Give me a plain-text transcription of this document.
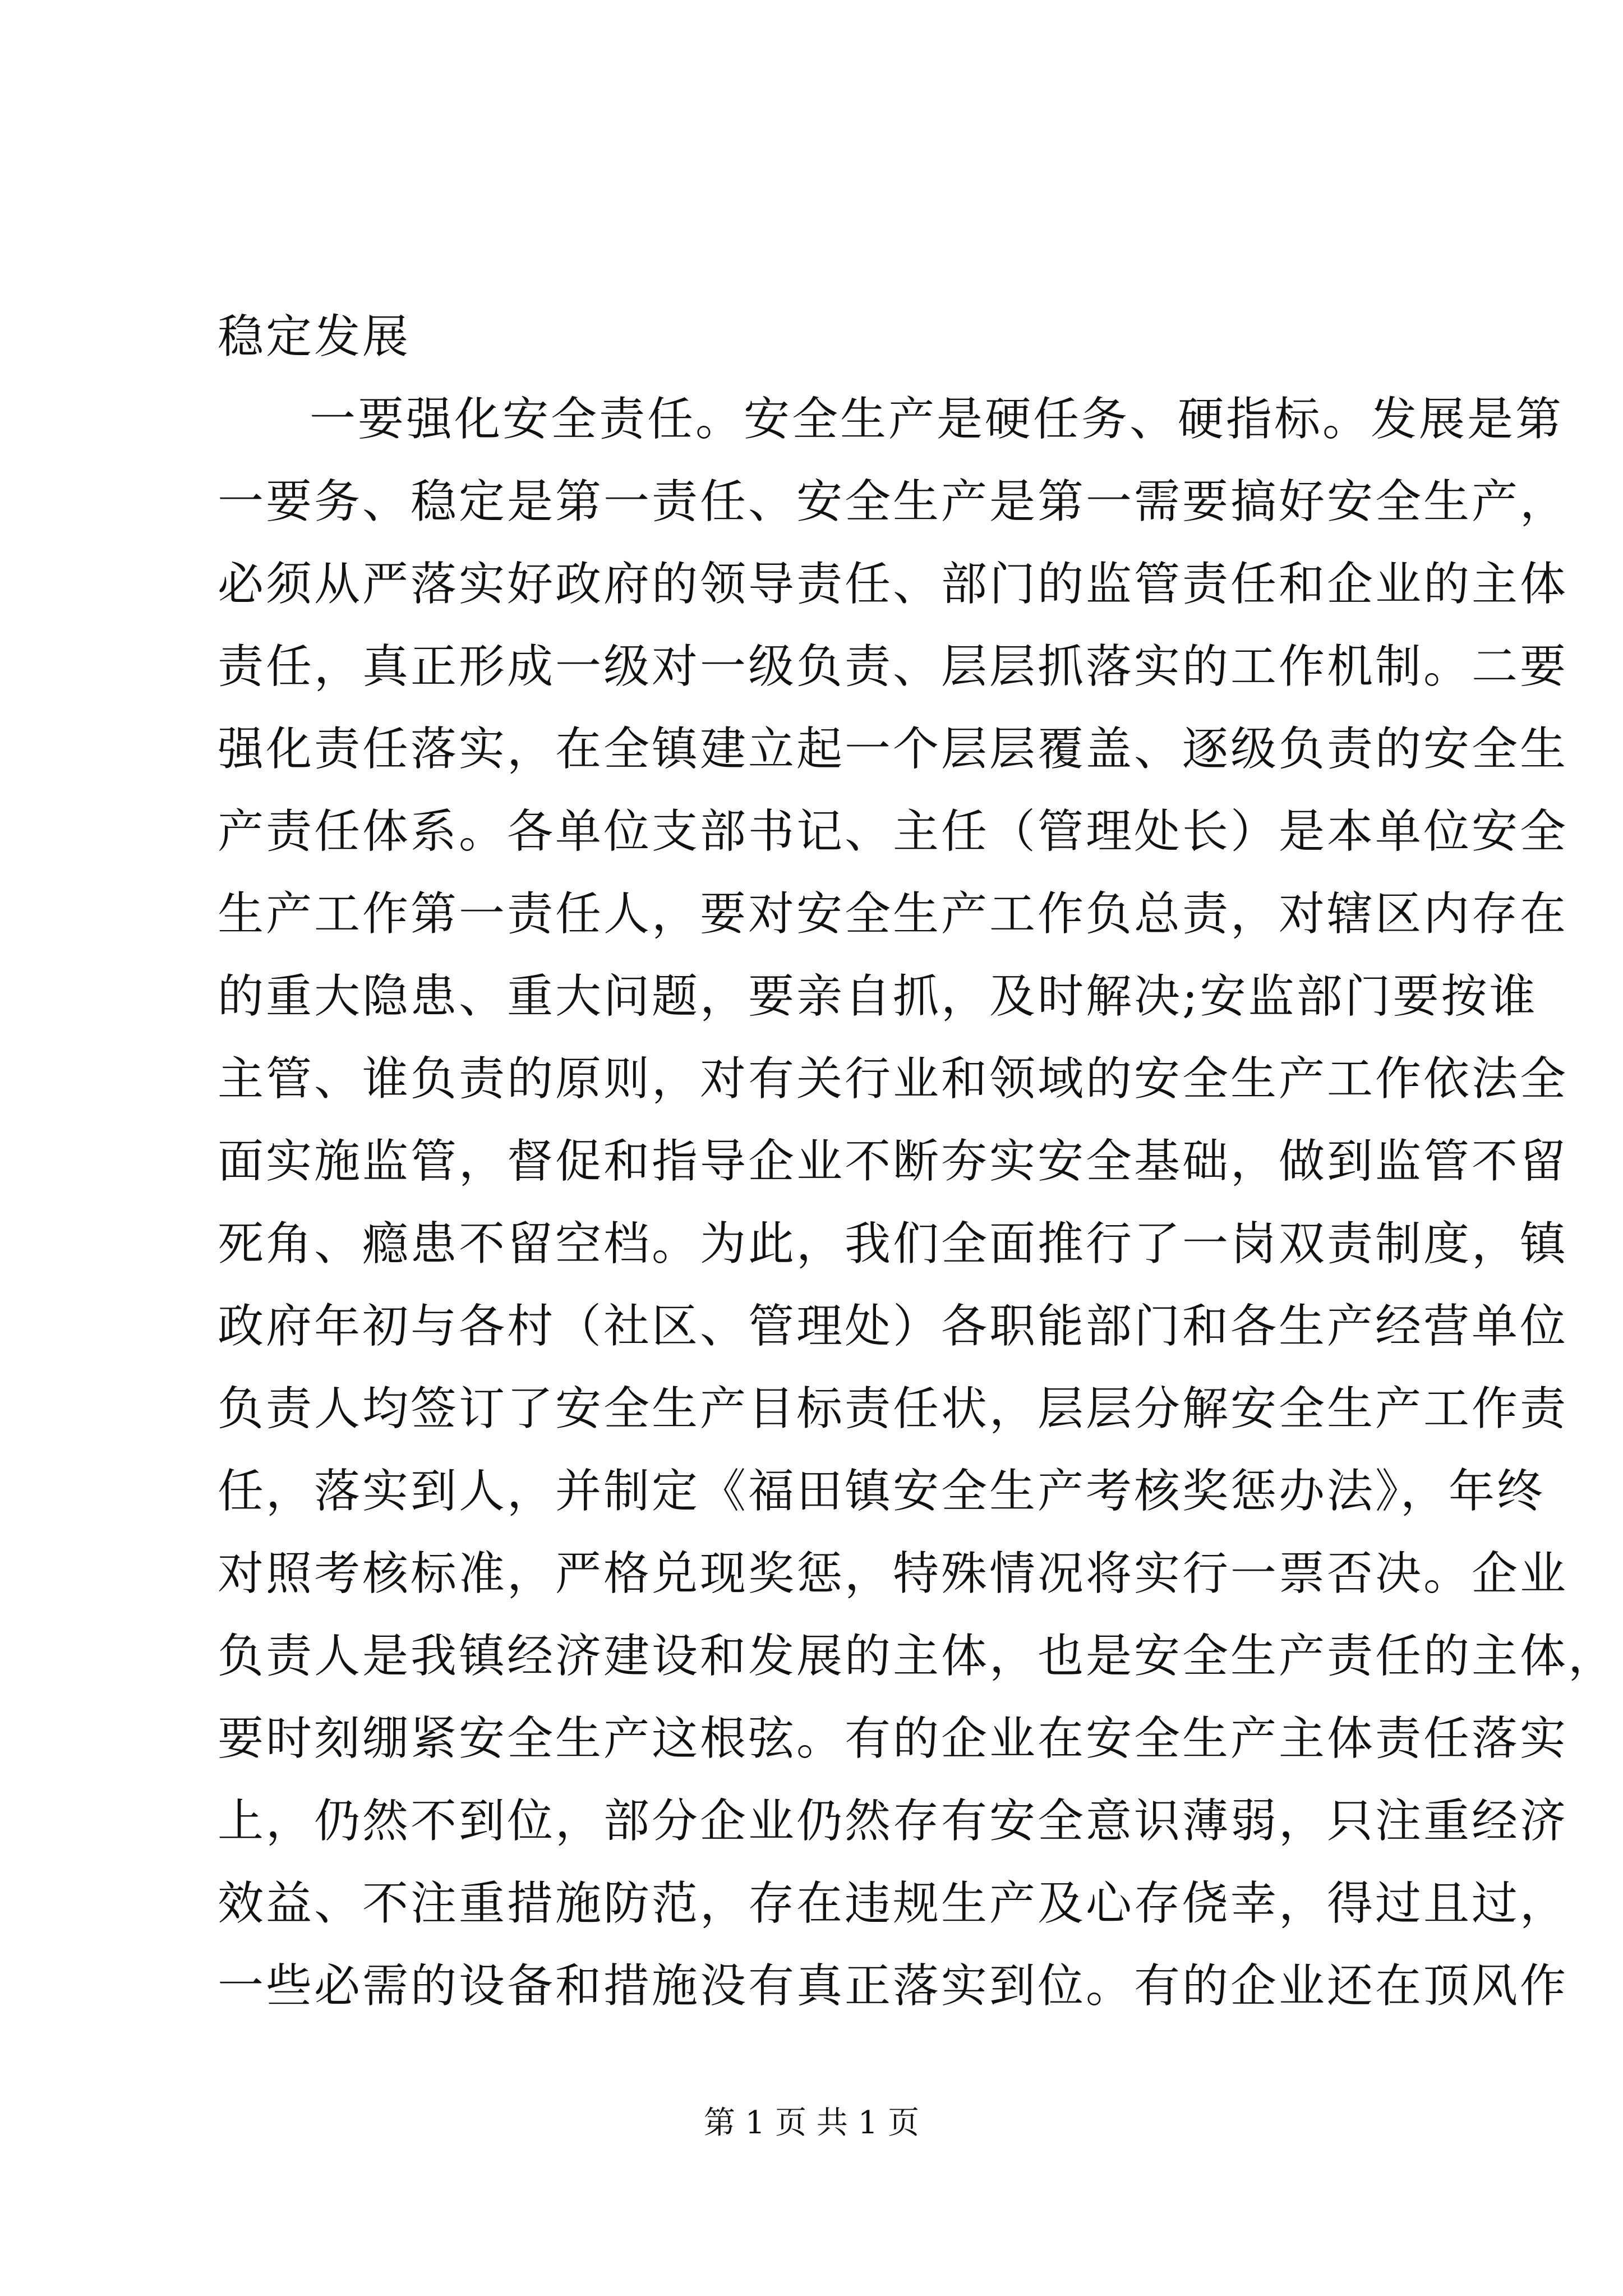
稳定发展
一要强化安全责任。安全生产是硬任务、硬指标。发展是第
一要务、稳定是第一责任、安全生产是第一需要搞好安全生产，
必须从严落实好政府的领导责任、部门的监管责任和企业的主体
责任，真正形成一级对一级负责、层层抓落实的工作机制。二要
强化责任落实，在全镇建立起一个层层覆盖、逐级负责的安全生
产责任体系。各单位支部书记、主任（管理处长）是本单位安全
生产工作第一责任人，要对安全生产工作负总责，对辖区内存在
的重大隐患、重大问题，要亲自抓，及时解决;安监部门要按谁
主管、谁负责的原则，对有关行业和领域的安全生产工作依法全
面实施监管，督促和指导企业不断夯实安全基础，做到监管不留
死角、瘾患不留空档。为此，我们全面推行了一岗双责制度，镇
政府年初与各村（社区、管理处）各职能部门和各生产经营单位
负责人均签订了安全生产目标责任状，层层分解安全生产工作责
任，落实到人，并制定《福田镇安全生产考核奖惩办法》，年终
对照考核标准，严格兑现奖惩，特殊情况将实行一票否决。企业
负责人是我镇经济建设和发展的主体，也是安全生产责任的主体，
要时刻绷紧安全生产这根弦。有的企业在安全生产主体责任落实
上，仍然不到位，部分企业仍然存有安全意识薄弱，只注重经济
效益、不注重措施防范，存在违规生产及心存侥幸，得过且过，
一些必需的设备和措施没有真正落实到位。有的企业还在顶风作
第 1 页 共 1 页
